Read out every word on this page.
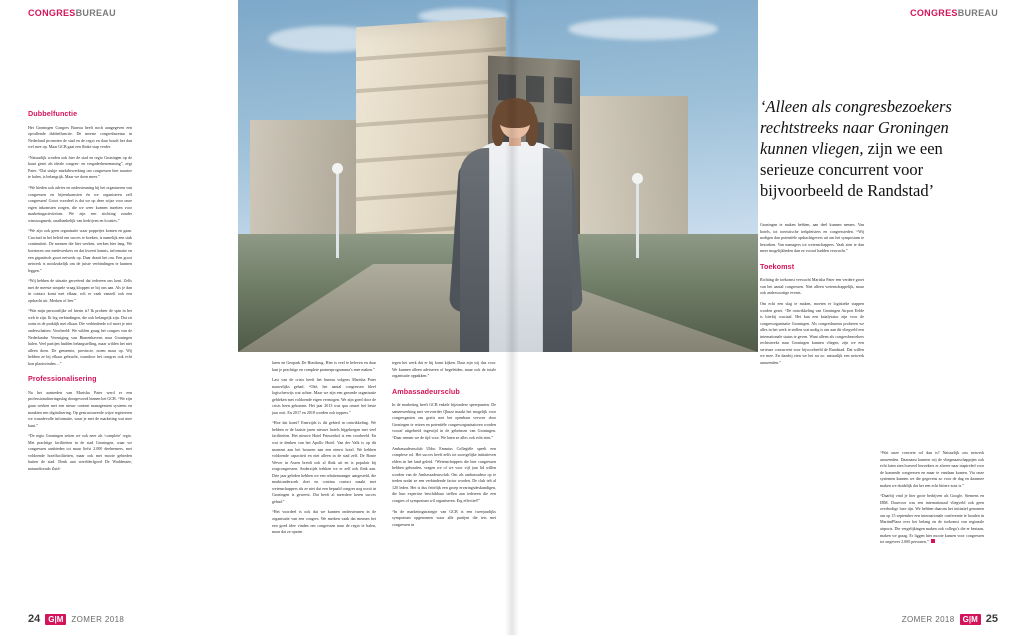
CONGRESBUREAU	CONGRESBUREAU
‘Alleen als congresbezoekers rechtstreeks naar Groningen kunnen vliegen, zijn we een serieuze concurrent voor bijvoorbeeld de Randstad’
Dubbelfunctie

Het Groningen Congres Bureau heeft noch aangegeven een opvallende dubbelfunctie. De meeste congresbureaus in Nederland promoten de stad en de regio en daar houdt het dan wel mee op. Maar GCB gaat een flinke stap verder.

“Natuurlijk worden ook hier de stad en regio Groningen op de kaart gezet als ideale congres- en vergaderbestemming”, zegt Pater. “Dat stukje marktbewerking om congressen hier naartoe te halen, is belangrijk. Maar we doen meer.”

“We bieden ook advies en ondersteuning bij het organiseren van congressen en bijeenkomsten én we organiseren zelf congressen! Groot voordeel is dat we op deze wijze voor onze eigen inkomsten zorgen, die we weer kunnen inzetten voor marketingactiviteiten. We zijn een stichting zonder winstoogmerk, onafhankelijk van bedrijven en locaties.”

“We zijn ook geen organisatie waar poppetjes komen en gaan. Cruciaal in het beleid om succes te boeken, is namelijk een stuk continuïteit. De mensen die hier werken, werken hier lang. We koesteren ons medewerkers en dat kweert kennis, informatie en een gigantisch groot netwerk op. Daar draait het om. Een groot netwerk is noodzakelijk om de juiste verbindingen te kunnen leggen.”

“Wij hebben de situatie gecreëerd dat iedereen ons kent. Zelfs met de meeste simpele vraag kloppen ze bij ons aan. Als je dan in contact komt met elkaar, rolt er vaak vanzelf ook een opdracht uit. Merken of leer.”

“Wat mijn persoonlijke rol hierin is? Ik probeer de spin in het web te zijn. Ik leg verbindingen, die ook belangrijk zijn. Dat zit soms in de praktijk met elkaar. Die verbindende rol moet je niet onderschatten. Voorbeeld: We wilden graag het congres van de Nederlandse Vereniging van Binnenhavens naar Groningen halen. Veel partijen hadden belangstelling, maar wilden het niet alleen doen. De gemeente, provincie, noem maar op. Wij hebben ze bij elkaar gebracht, waardoor het congres ook echt kon plaatsvinden....”

Professionalisering

Na het aantreden van Marisha Pater werd er een professionaliseringsslag doorgevoerd binnen het GCB. “We zijn gaan werken met een nieuw content management systeem en maakten een digitalisering. Op gestructureerde wijze registreren we waardevolle informatie, waar je met de marketing wat mee kunt.”

“De regio Groningen zetten we ook neer als ‘complete’ regio. Met prachtige faciliteiten in de stad Groningen, waar we congressen aanbieden tot maar liefst 2.000 deelnemers, met voldoende hotelfaciliteiten, maar ook met mooie gebieden buiten de stad. Denk aan werelderfgoed De Waddenzee, natuurdiorado Zuid-

laren en Geopark De Hondsrug. Hier is veel te beleven en daar kun je prachtige en complete partnerprogramma’s mee maken.”

Last van de crisis heeft het bureau volgens Marisha Pater nauwelijks gehad. “Oké, het aantal congressen bleef logischerwijs wat achter. Maar we zijn een gezonde organisatie gebleken met voldoende eigen vermogen. We zijn goed door de crisis heen gekomen. Het jaar 2013 was qua omzet het beste jaar ooit. En 2017 en 2018 worden ook toppers.”

“Hoe dat komt? Enerzijds is dit gebied in ontwikkeling. We hebben er de laatste jaren nieuwe hotels bijgekregen met veel faciliteiten. Het nieuwe Hotel Prinsenhof is een voorbeeld. En wat te denken van het Apollo Hotel. Van der Valk is op dit moment aan het bouwen aan een nieuw hotel. We hebben voldoende capaciteit en niet alleen in de stad zelf. De Bonte Wever in Assen breidt ook al flink uit en is populair bij zorgcongressen. Anderzijds trekken we er zelf ook flink aan. Drie jaar geleden hebben we een relatiemanager aangesteld, die marktonderzoek doet en continu contact maakt met wetenschappers als ze niet dat een bepaald congres nog nooit in Groningen is geweest. Dat heeft al meerdere keren succes gehad.”

“Het voordeel is ook dat we kunnen ondersteunen in de organisatie van een congres. We merken vaak dat mensen het een goed idee vinden om congressen naar de regio te halen, maar dat ze opzien

tegen het werk dat er bij komt kijken. Daar zijn wij dus voor. We kunnen alleen adviseren of begeleiden, maar ook de totale organisatie oppakken.”

Ambassadeursclub

In de marketing heeft GCB enkele bijzondere speerpunten. De samenwerking met vervoerder Qbuzz maakt het mogelijk voor congresgasten om gratis met het openbaar vervoer door Groningen te reizen en potentiële congresorganisatoren worden vooraf uitgebreid ingewijd in de geheimen van Groningen. “Daar nemen we de tijd voor. We laten ze alles ook echt zien.”

Ambassadeursclub Ubbo Emmius Collegiële speelt een complexe rol. Het succes heeft zelfs tot soortgelijke initiatieven elders in het land geleid. “Wetenschappers die hier congressen hebben gehouden, vragen we of we voor vijf jaar lid willen worden van de Ambassadeursclub. Om als ambassadeur op te treden nodat ze een verbindende factor worden. De club telt al 120 leden. Het is dus feitelijk een groep ervaringsdeskundigen, die hun expertise beschikbaar stellen aan iedereen die een congres of symposium wil organiseren. Erg effectief!”

“In de marketingstrategie van GCB is een tweejaarlijks symposium opgenomen waar alle partijen die iets met congressen in

Groningen te maken hebben, aan deel kunnen nemen. Van hotels, tot toeristische trekpleisters en congressteden. “Wij nodigen dan potentiële opdrachtgevers uit om het symposium te bezoeken. Van managers tot wetenschappers. Vaak zien te dan meer mogelijkheden dan ze vooraf hadden verwacht.”

Toekomst

Richting de toekomst verwacht Marisha Pater een verdere groei van het aantal congressen. Niet alleen wetenschappelijk, maar ook andersoortige events.

Om echt een slag te maken, moeten er logistieke stappen worden gezet. “De ontwikkeling van Groningen Airport Eelde is hierbij cruciaal. Het kan een katalysator zijn voor de congresorganisatie Groningen. Als congresbureau proberen we alles in het werk te stellen wat nodig is om aan dit vliegveld een internationale status te geven. Want alleen als congresbezoekers rechtstreeks naar Groningen kunnen vliegen, zijn we een serieuze concurrent voor bijvoorbeeld de Randstad. Dat willen we mee. En daarbij zien we het nu zo: natuurlijk een netwerk aanwenden.”

“Wat onze concrete rol dan is? Natuurlijk ons netwerk aanwenden. Daarnaast kunnen wij de vliegmaatschappijen ook echt laten zien hoeveel bezoekers er alweer naar inspireled voor de komende congressen en maar te vandaan komen. Via onze systemen kunnen we die gegevens zo voor de dag en daarmee maken we duidelijk dat het een echt bittere zout is.”

“Daarbij vind je hier grote bedrijven als Google, Siemens en IBM. Daarvoor was een internationaal vliegveld ook geen overbodige luxe tijn. We hebben daarom het initiatief genomen om op 15 september een internationale conferentie te houden in MartiniPlaza over het belang en de toekomst van regionale airports. Die vergelijkingen maken ook collega’s die er bestaan, maken we graag. Er liggen hier mooie kansen voor congressen tot ongeveer 2.000 personen.”

24	G|M	ZOMER 2018	ZOMER 2018	G|M 25
